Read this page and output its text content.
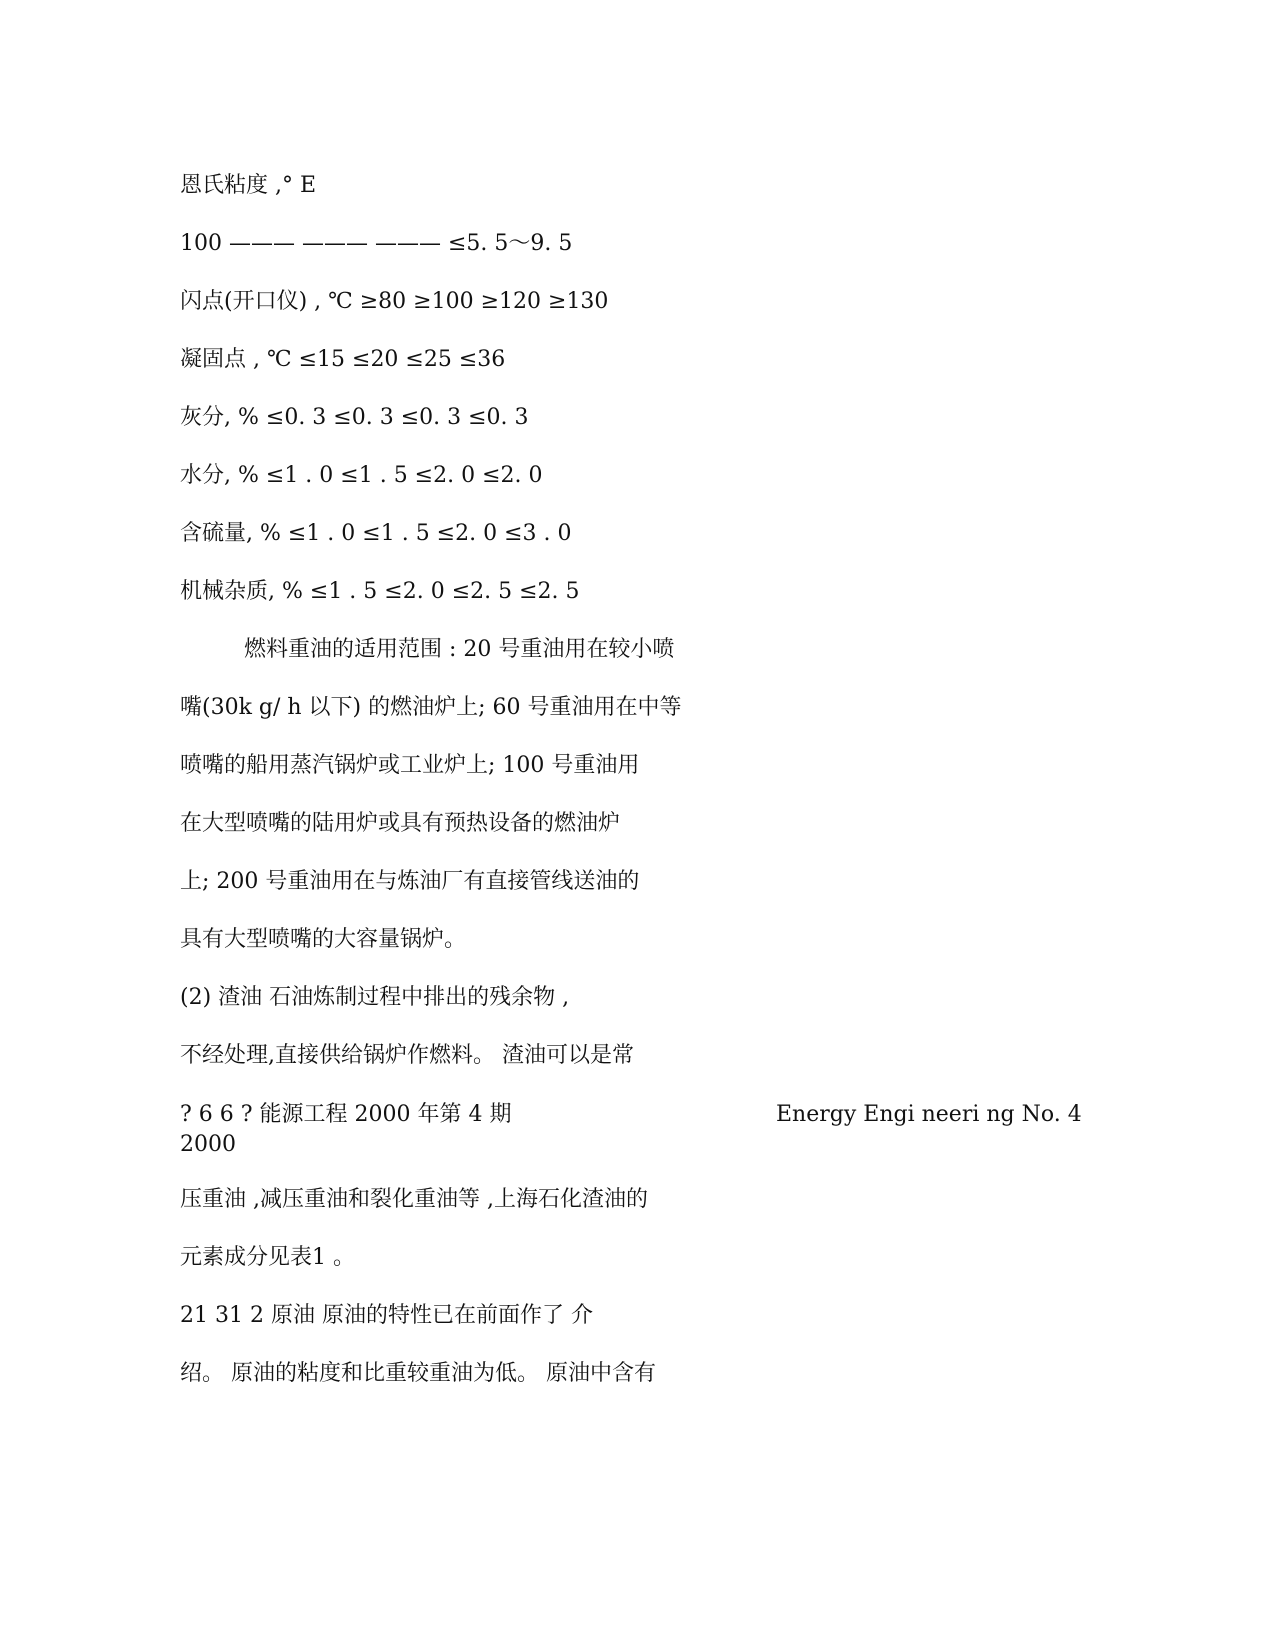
恩氏粘度 ,° E
100 ——— ——— ——— ≤5. 5～9. 5
闪点(开口仪) , ℃ ≥80 ≥100 ≥120 ≥130
凝固点 , ℃ ≤15 ≤20 ≤25 ≤36
灰分, % ≤0. 3 ≤0. 3 ≤0. 3 ≤0. 3
水分, % ≤1 . 0 ≤1 . 5 ≤2. 0 ≤2. 0
含硫量, % ≤1 . 0 ≤1 . 5 ≤2. 0 ≤3 . 0
机械杂质, % ≤1 . 5 ≤2. 0 ≤2. 5 ≤2. 5
燃料重油的适用范围 : 20 号重油用在较小喷
嘴(30k g/ h 以下) 的燃油炉上; 60 号重油用在中等
喷嘴的船用蒸汽锅炉或工业炉上; 100 号重油用
在大型喷嘴的陆用炉或具有预热设备的燃油炉
上; 200 号重油用在与炼油厂有直接管线送油的
具有大型喷嘴的大容量锅炉。
(2) 渣油 石油炼制过程中排出的残余物 ,
不经处理,直接供给锅炉作燃料。 渣油可以是常
? 6 6 ? 能源工程 2000 年第 4 期	Energy Engi neeri ng No. 4
2000
压重油 ,减压重油和裂化重油等 ,上海石化渣油的
元素成分见表1 。
21 31 2 原油 原油的特性已在前面作了 介
绍。 原油的粘度和比重较重油为低。 原油中含有
